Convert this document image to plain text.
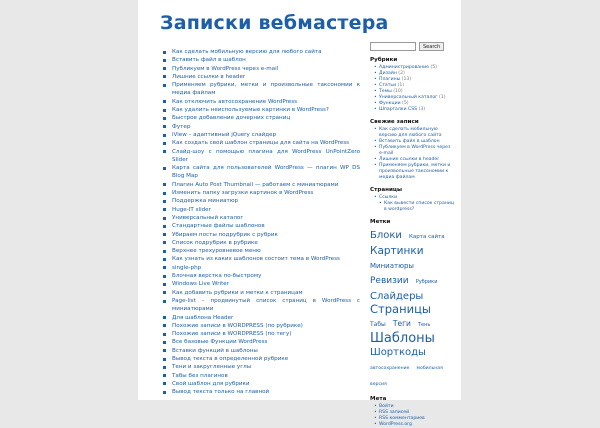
Записки вебмастера
Как сделать мобильную версию для любого сайта
Вставить файл в шаблон
Публикуем в WordPress через e-mail
Лишние ссылки в header
Применяем рубрики, метки и произвольные таксономии к медиа файлам
Как отключить автосохранение WordPress
Как удалить неиспользуемые картинки в WordPress?
Быстрое добавление дочерних страниц
Футер
iView – адаптивный jQuery слайдер
Как создать свой шаблон страницы для сайта на WordPress
Слайд-шоу с помощью плагина для WordPress UnPointZero Slider
Карта сайта для пользователей WordPress — плагин WP DS Blog Map
Плагин Auto Post Thumbnail — работаем с миниатюрами
Изменить папку загрузки картинок в WordPress
Поддержка миниатюр
Huge-IT slider
Универсальный каталог
Стандартные файлы шаблонов
Убираем посты подрубрик с рубрик
Список подрубрик в рубрике
Верхнее трехуровневое меню
Как узнать из каких шаблонов состоит тема в WordPress
single-php
Блочная верстка по-быстрому
Windows Live Writer
Как добавить рубрики и метки к страницам
Page-list – продвинутый список страниц в WordPress с миниатюрами
Для шаблона Header
Похожие записи в WORDPRESS (по рубрике)
Похожие записи в WORDPRESS (по тегу)
Все базовые Функции WordPress
Вставки функций в шаблоны
Вывод текста в определенной рубрике
Тени и закругленные углы
Табы без плагинов
Свой шаблон для рубрики
Вывод текста только на главной
Search
Рубрики
• Администрирование (5)
• Дизайн (2)
• Плагины (13)
• Статьи (1)
• Темы (10)
• Универсальный каталог (1)
• Функции (5)
• Шпаргалки CSS (3)
Свежие записи
• Как сделать мобильную версию для любого сайта
• Вставить файл в шаблон
• Публикуем в WordPress через e-mail
• Лишние ссылки в header
• Применяем рубрики, метки и произвольные таксономии к медиа файлам
Страницы
• Ссылки
• Как вывести список страниц в wordpress?
Метки
Блоки Карта сайта Картинки Миниатюры Ревизии Рубрики Слайдеры Страницы Табы Теги Тень Шаблоны Шорткоды автосохранение мобильная версия
Мета
• Войти
• RSS записей
• RSS комментариев
• WordPress.org
